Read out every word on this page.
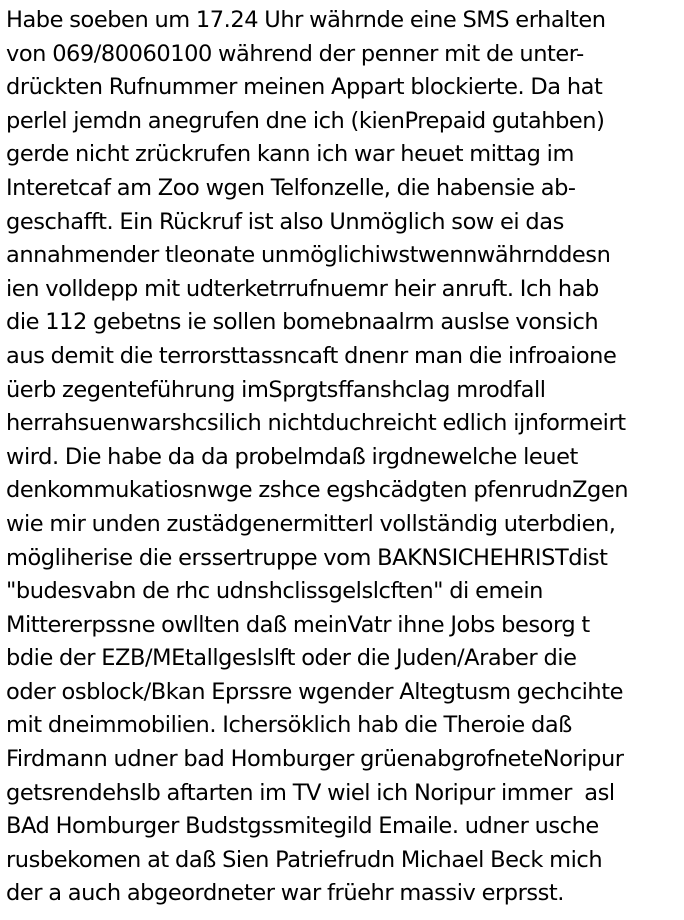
Habe soeben um 17.24 Uhr währnde eine SMS erhalten
von 069/80060100 während der penner mit de unter-
drückten Rufnummer meinen Appart blockierte. Da hat
perlel jemdn anegrufen dne ich (kienPrepaid gutahben)
gerde nicht zrückrufen kann ich war heuet mittag im
Interetcaf am Zoo wgen Telfonzelle, die habensie ab-
geschafft. Ein Rückruf ist also Unmöglich sow ei das
annahmender tleonate unmöglichiwstwennwährnddesn
ien volldepp mit udterketrrufnuemr heir anruft. Ich hab
die 112 gebetns ie sollen bomebnaalrm auslse vonsich
aus demit die terrorsttassncaft dnenr man die infroaione
üerb zegenteführung imSprgtsffanshclag mrodfall
herrahsuenwarshcsilich nichtduchreicht edlich ijnformeirt
wird. Die habe da da probelmdaß irgdnewelche leuet
denkommukatiosnwge zshce egshcädgten pfenrudnZgen
wie mir unden zustädgenermitterl vollständig uterbdien,
mögliherise die erssertruppe vom BAKNSICHEHRISTdist
"budesvabn de rhc udnshclissgelslcften" di emein
Mittererpssne owllten daß meinVatr ihne Jobs besorg t
bdie der EZB/MEtallgeslslft oder die Juden/Araber die
oder osblock/Bkan Eprssre wgender Altegtusm gechcihte
mit dneimmobilien. Ichersöklich hab die Theroie daß
Firdmann udner bad Homburger grüenabgrofneteNoripur
getsrendehslb aftarten im TV wiel ich Noripur immer  asl
BAd Homburger Budstgssmitegild Emaile. udner usche
rusbekomen at daß Sien Patriefrudn Michael Beck mich
der a auch abgeordneter war früehr massiv erprsst.
